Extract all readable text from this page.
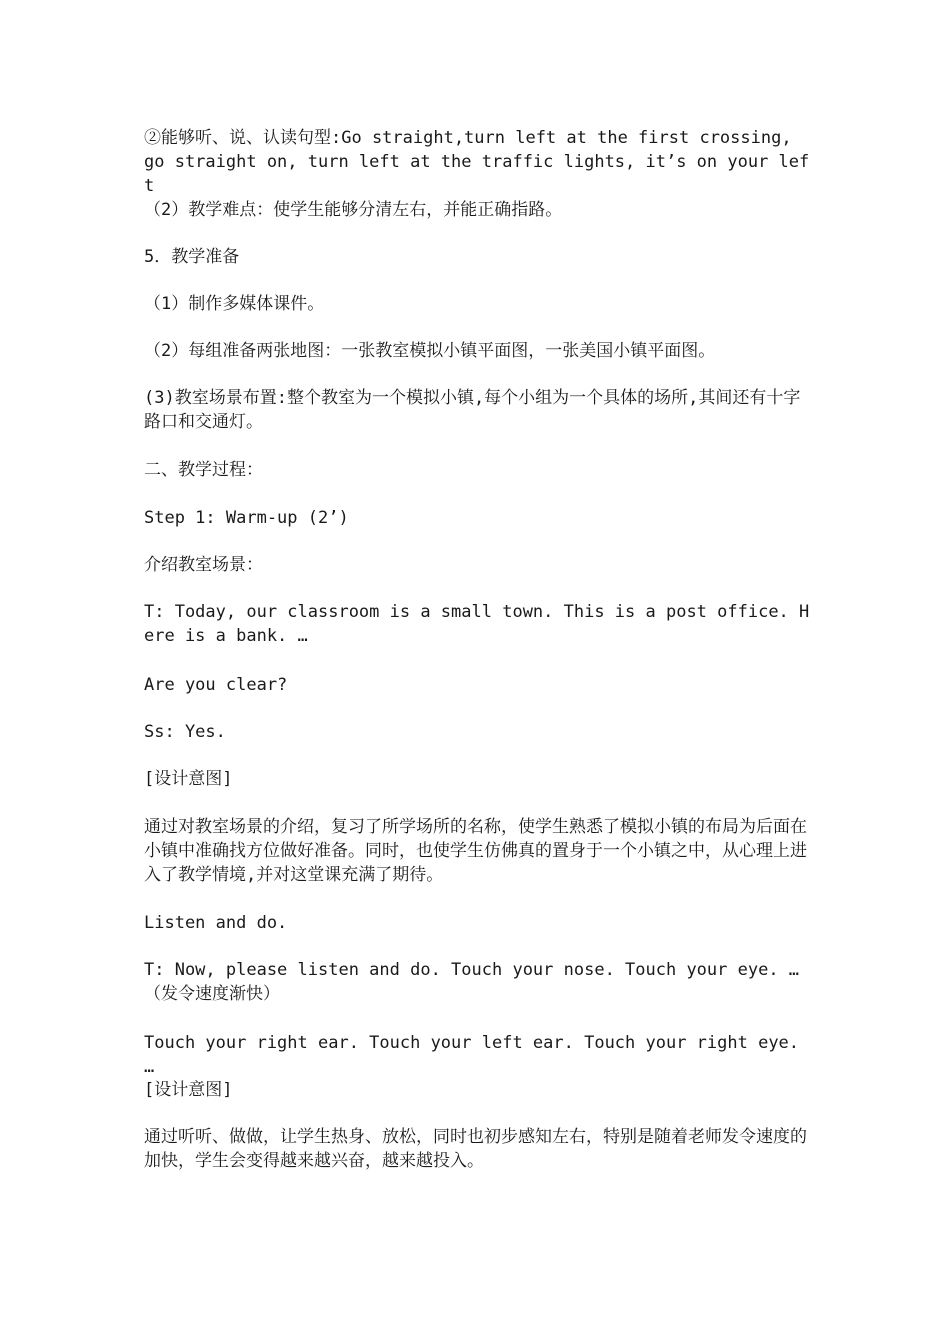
②能够听、说、认读句型:Go straight,turn left at the first crossing, go straight on, turn left at the traffic lights, it’s on your left

（2）教学难点：使学生能够分清左右，并能正确指路。

5．教学准备

（1）制作多媒体课件。

（2）每组准备两张地图：一张教室模拟小镇平面图，一张美国小镇平面图。

(3)教室场景布置:整个教室为一个模拟小镇,每个小组为一个具体的场所,其间还有十字路口和交通灯。

二、教学过程：

Step 1: Warm-up (2’)

介绍教室场景：

T: Today, our classroom is a small town. This is a post office. Here is a bank. …

Are you clear?

Ss: Yes.

[设计意图]

通过对教室场景的介绍，复习了所学场所的名称，使学生熟悉了模拟小镇的布局为后面在小镇中准确找方位做好准备。同时，也使学生仿佛真的置身于一个小镇之中，从心理上进入了教学情境,并对这堂课充满了期待。

Listen and do.

T: Now, please listen and do. Touch your nose. Touch your eye. …（发令速度渐快）

Touch your right ear. Touch your left ear. Touch your right eye. …

[设计意图]

通过听听、做做，让学生热身、放松，同时也初步感知左右，特别是随着老师发令速度的加快，学生会变得越来越兴奋，越来越投入。
